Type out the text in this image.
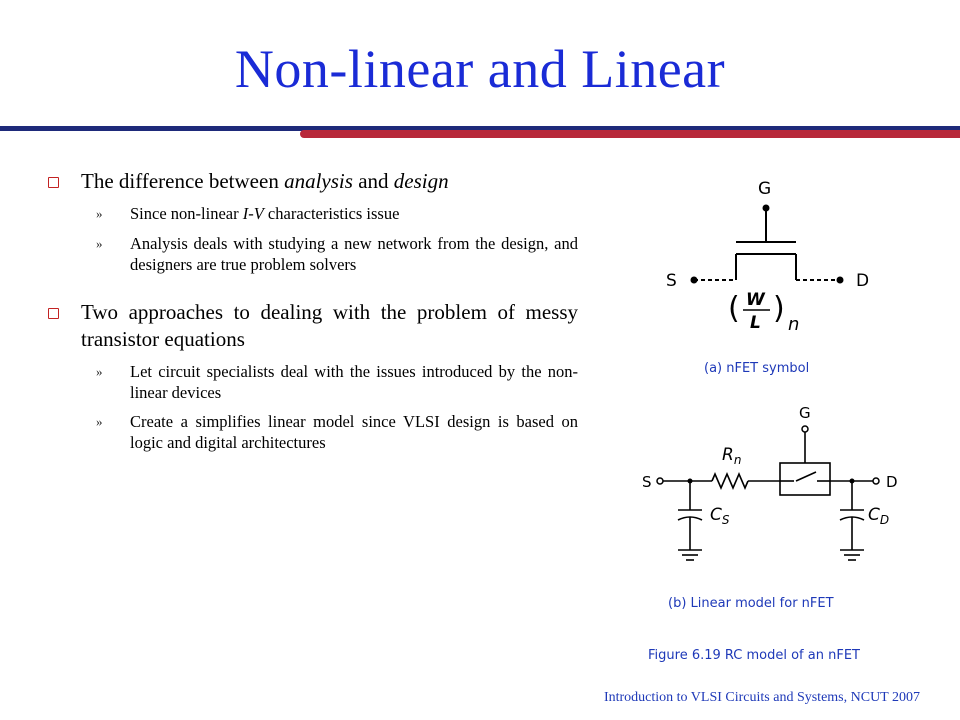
Non-linear and Linear
The difference between analysis and design
»	Since non-linear I-V characteristics issue
»	Analysis deals with studying a new network from the design, and designers are true problem solvers
Two approaches to dealing with the problem of messy transistor equations
»	Let circuit specialists deal with the issues introduced by the non-linear devices
»	Create a simplifies linear model since VLSI design is based on logic and digital architectures
G
S	D
( W
L ) n
(a) nFET symbol
S
G
D
$R_n$
$C_S$	$C_D$
(b) Linear model for nFET
Figure 6.19 RC model of an nFET
Introduction to VLSI Circuits and Systems, NCUT 2007
